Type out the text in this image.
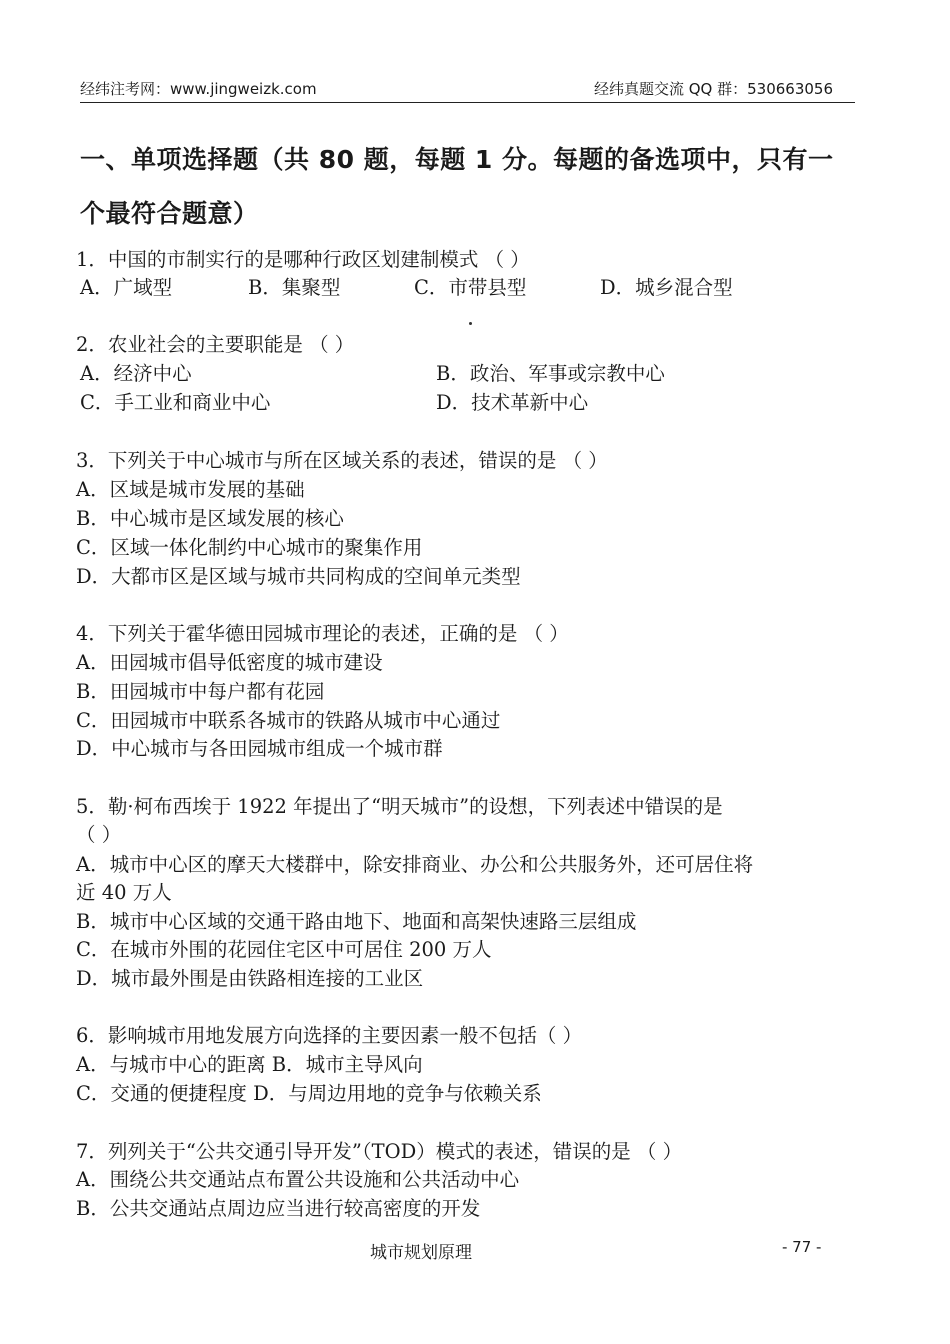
经纬注考网：www.jingweizk.com	经纬真题交流 QQ 群：530663056
一、单项选择题（共 80 题，每题 1 分。每题的备选项中，只有一
个最符合题意）
1．中国的市制实行的是哪种行政区划建制模式 （ ）
A．广域型	B．集聚型	C．市带县型	D．城乡混合型
2．农业社会的主要职能是 （ ）
A．经济中心	B．政治、军事或宗教中心
C．手工业和商业中心	D．技术革新中心
3．下列关于中心城市与所在区域关系的表述，错误的是 （ ）
A．区域是城市发展的基础
B．中心城市是区域发展的核心
C．区域一体化制约中心城市的聚集作用
D．大都市区是区域与城市共同构成的空间单元类型
4．下列关于霍华德田园城市理论的表述，正确的是 （ ）
A．田园城市倡导低密度的城市建设
B．田园城市中每户都有花园
C．田园城市中联系各城市的铁路从城市中心通过
D．中心城市与各田园城市组成一个城市群
5．勒·柯布西埃于 1922 年提出了“明天城市”的设想，下列表述中错误的是
（ ）
A．城市中心区的摩天大楼群中，除安排商业、办公和公共服务外，还可居住将
近 40 万人
B．城市中心区域的交通干路由地下、地面和高架快速路三层组成
C．在城市外围的花园住宅区中可居住 200 万人
D．城市最外围是由铁路相连接的工业区
6．影响城市用地发展方向选择的主要因素一般不包括（ ）
A．与城市中心的距离 B．城市主导风向
C．交通的便捷程度 D．与周边用地的竞争与依赖关系
7．列列关于“公共交通引导开发”（TOD）模式的表述，错误的是 （ ）
A．围绕公共交通站点布置公共设施和公共活动中心
B．公共交通站点周边应当进行较高密度的开发
城市规划原理	- 77 -
